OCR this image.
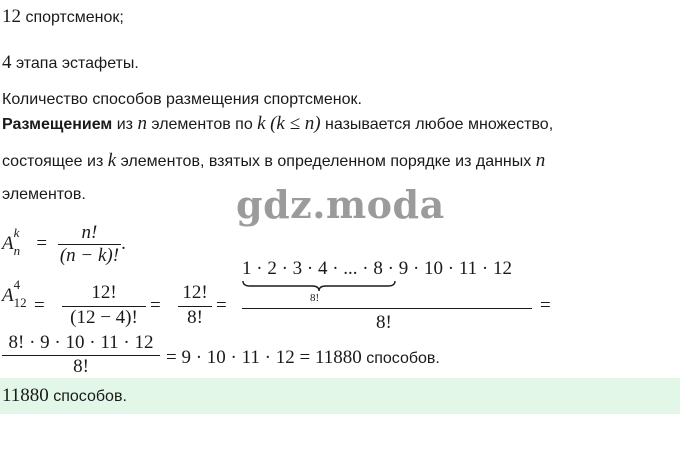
12 спортсменок;
4 этапа эстафеты.
Количество способов размещения спортсменок.
Размещением из n элементов по k (k ≤ n) называется любое множество,
состоящее из k элементов, взятых в определенном порядке из данных n
элементов.	gdz.moda
A
k
$n = \frac{n!}{(n - k)!}$ .
A
4
12 =
12!
(12 − 4)!
=
12!
8!
=
1 · 2 · 3 · 4 · ... · 8 · 9 · 10 · 11 · 12
8!
8!
=
8! · 9 · 10 · 11 · 12
8!	= 9 · 10 · 11 · 12 = 11880 способов.
11880 способов.
